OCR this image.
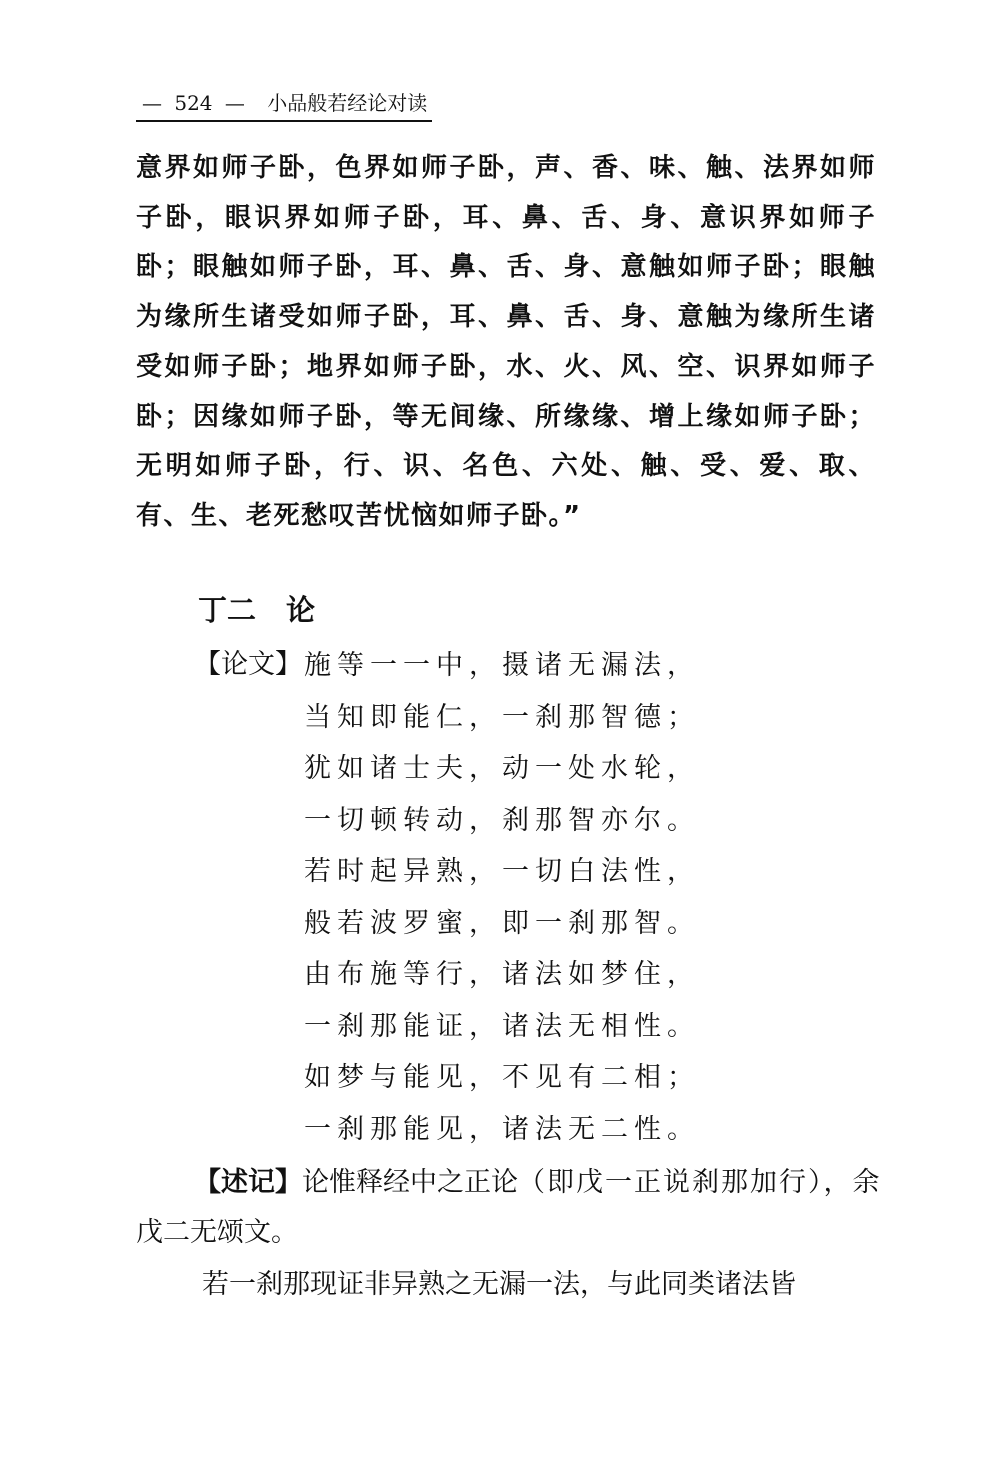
— 524 — 小品般若经论对读

意界如师子卧，色界如师子卧，声、香、味、触、法界如师子卧，眼识界如师子卧，耳、鼻、舌、身、意识界如师子卧；眼触如师子卧，耳、鼻、舌、身、意触如师子卧；眼触为缘所生诸受如师子卧，耳、鼻、舌、身、意触为缘所生诸受如师子卧；地界如师子卧，水、火、风、空、识界如师子卧；因缘如师子卧，等无间缘、所缘缘、增上缘如师子卧；无明如师子卧，行、识、名色、六处、触、受、爱、取、有、生、老死愁叹苦忧恼如师子卧。”

丁二 论
【论文】 施等一一中，摄诸无漏法，
当知即能仁，一刹那智德；
犹如诸士夫，动一处水轮，
一切顿转动，刹那智亦尔。
若时起异熟，一切白法性，
般若波罗蜜，即一刹那智。
由布施等行，诸法如梦住，
一刹那能证，诸法无相性。
如梦与能见，不见有二相；
一刹那能见，诸法无二性。

【述记】论惟释经中之正论（即戊一正说刹那加行），余戊二无颂文。

若一刹那现证非异熟之无漏一法，与此同类诸法皆
